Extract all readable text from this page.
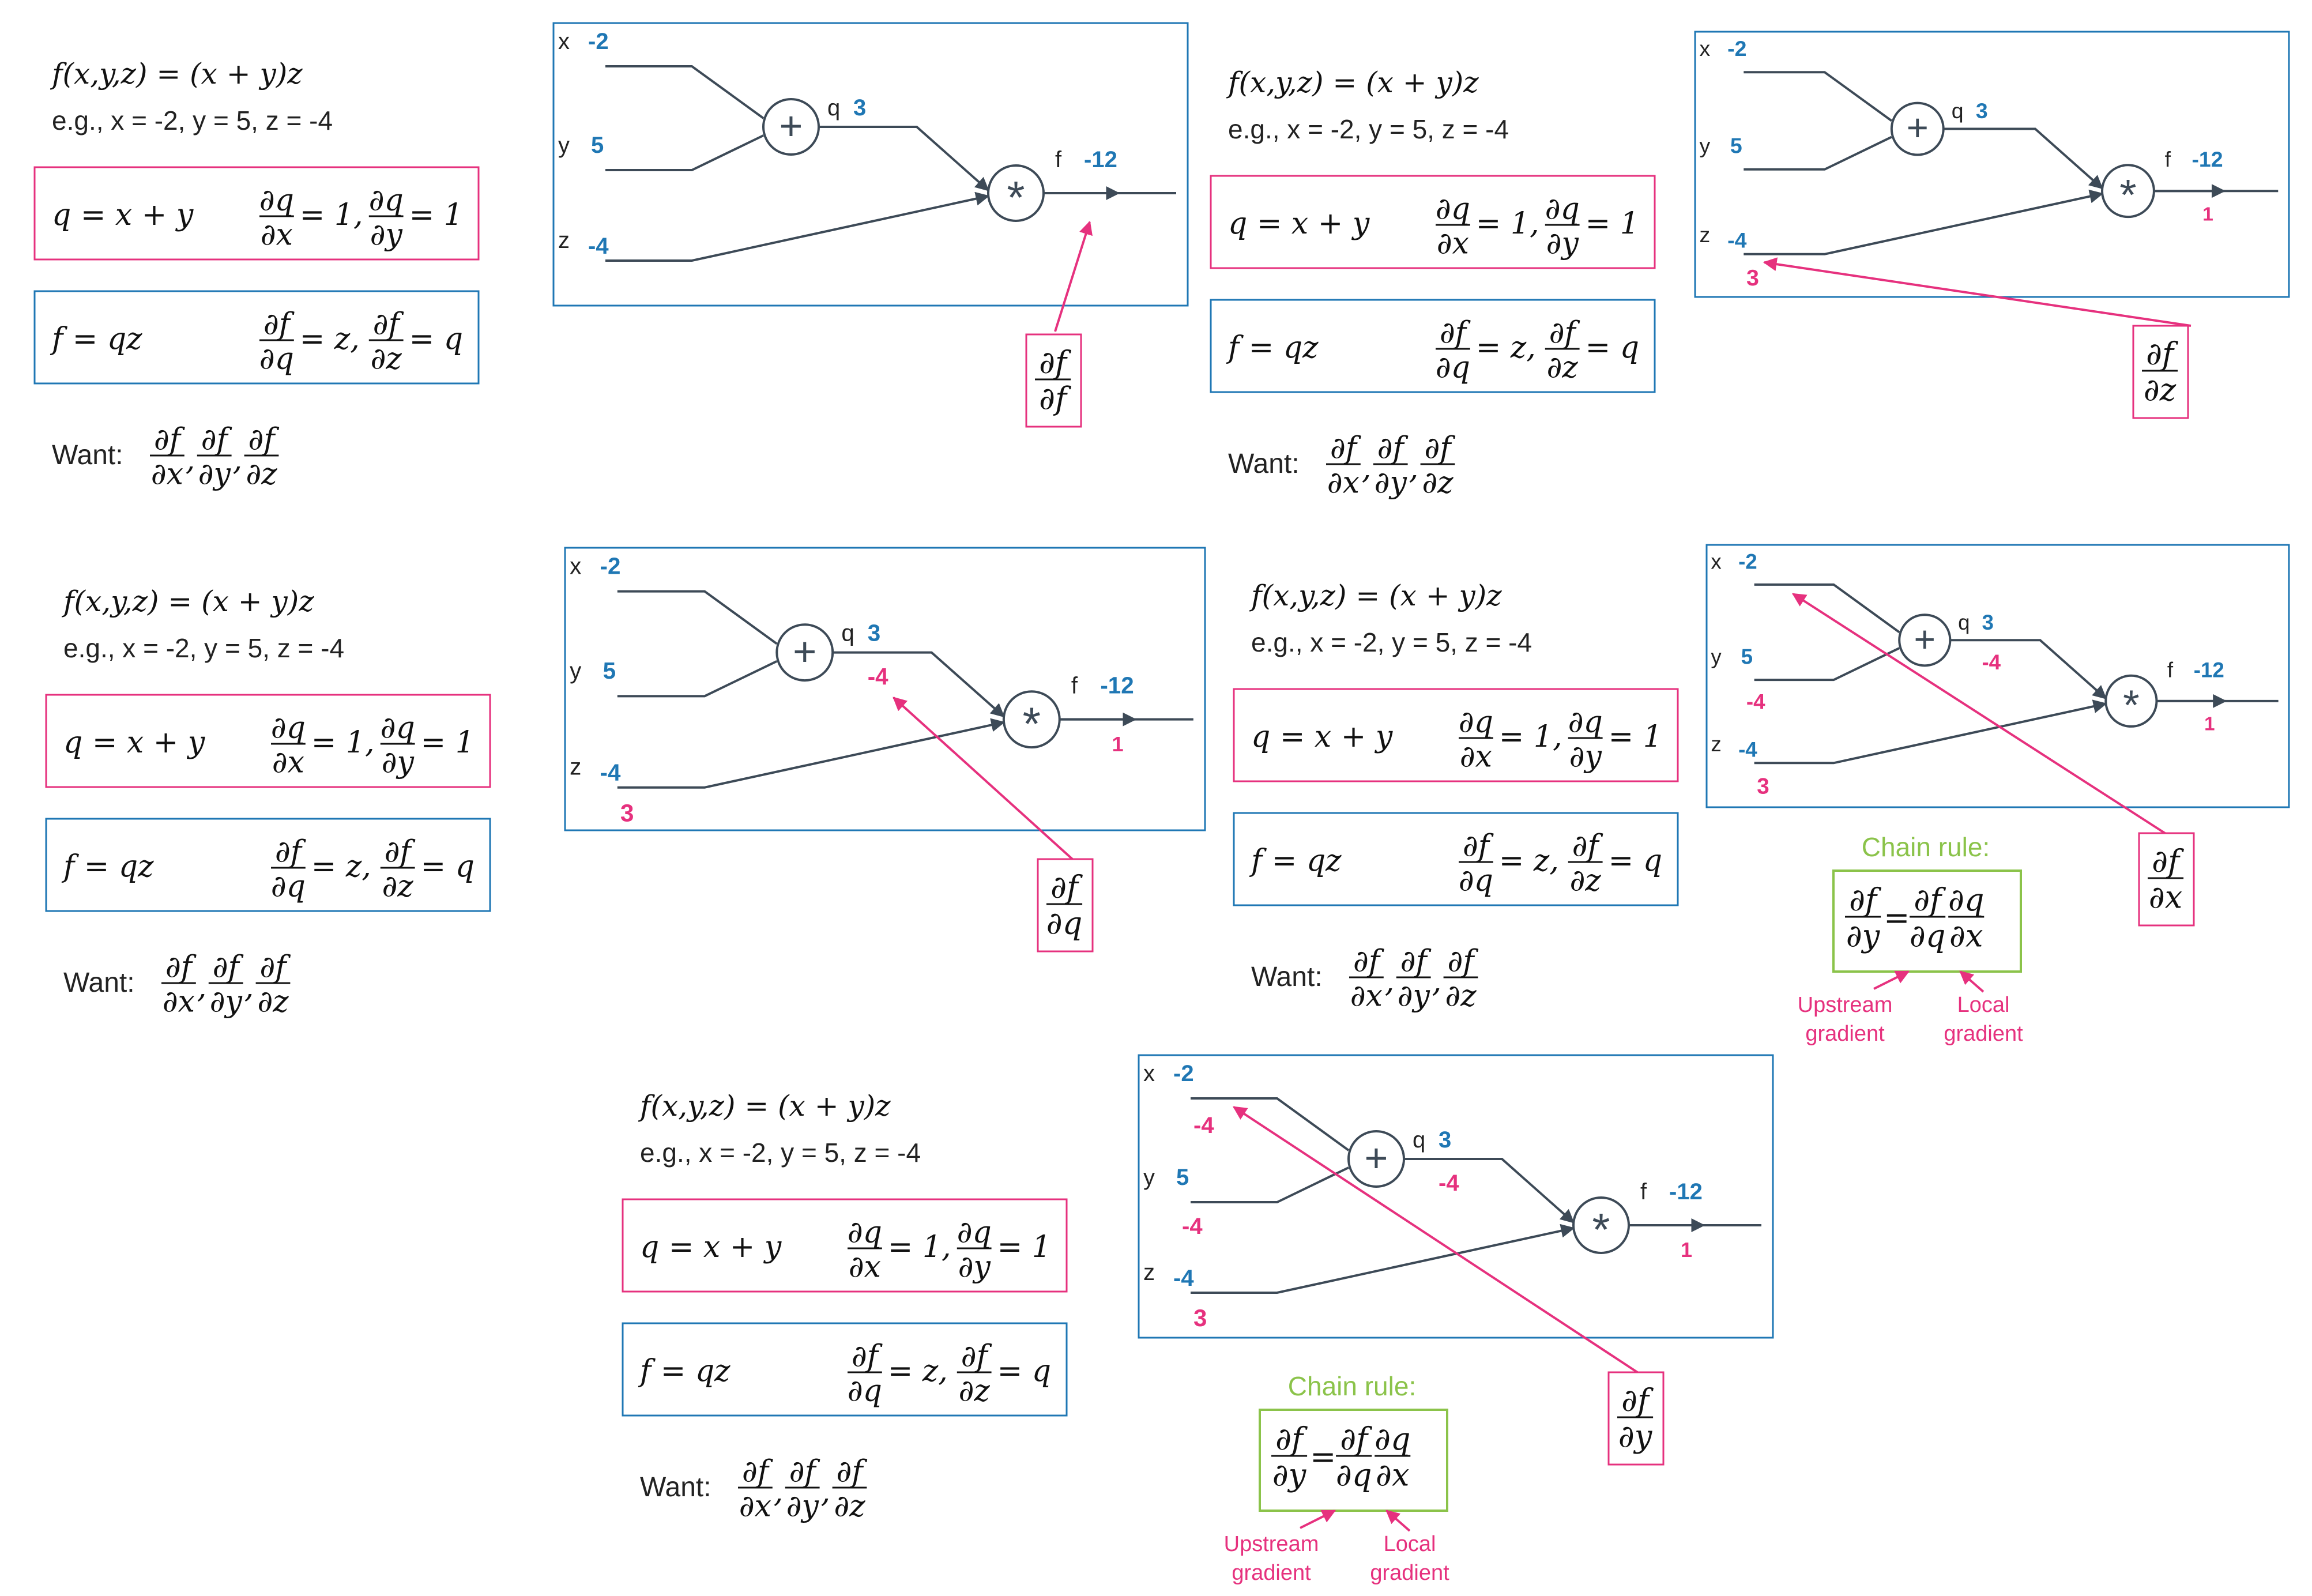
f(x,y,z) = (x + y)z
e.g., x = -2, y = 5, z = -4
q = x + y ∂q
∂x
= 1, ∂q
∂y
= 1
f = qz	∂f
∂q
= z, ∂f
∂z
= q
Want: ∂f
∂x ,
∂f
∂y ,
∂f
∂z
f(x,y,z) = (x + y)z
e.g., x = -2, y = 5, z = -4
q = x + y ∂q
∂x
= 1, ∂q
∂y
= 1
f = qz	∂f
∂q
= z, ∂f
∂z
= q
Want: ∂f
∂x ,
∂f
∂y ,
∂f
∂z
f(x,y,z) = (x + y)z
e.g., x = -2, y = 5, z = -4
q = x + y ∂q
∂x
= 1, ∂q
∂y
= 1
f = qz	∂f
∂q
= z, ∂f
∂z
= q
Want: ∂f
∂x ,
∂f
∂y ,
∂f
∂z
f(x,y,z) = (x + y)z
e.g., x = -2, y = 5, z = -4
q = x + y ∂q
∂x
= 1, ∂q
∂y
= 1
f = qz	∂f
∂q
= z, ∂f
∂z
= q
Want: ∂f
∂x ,
∂f
∂y ,
∂f
∂z
f(x,y,z) = (x + y)z
e.g., x = -2, y = 5, z = -4
q = x + y ∂q
∂x
= 1, ∂q
∂y
= 1
f = qz	∂f
∂q
= z, ∂f
∂z
= q
Want: ∂f
∂x ,
∂f
∂y ,
∂f
∂z
x -2
y 5
z -4
+
*
q 3
f -12
∂f
∂f
x -2
y 5
z -4
+
*
q 3
f -12
1
3
∂f
∂z
x -2
y 5
z -4
+
*
q 3
f -12
1
3
-4
∂f
∂q
x -2
y 5
z -4
+
*
q 3
f -12
1
3
-4
-4
∂f
∂x
Chain rule:
∂f
∂y = ∂f
∂q
∂q
∂x
Upstream
gradient
Local
gradient
x -2
y 5
z -4
+
*
q 3
f -12
1
3
-4
-4
-4
∂f
∂y
Chain rule:
∂f
∂y = ∂f
∂q
∂q
∂x
Upstream
gradient
Local
gradient
